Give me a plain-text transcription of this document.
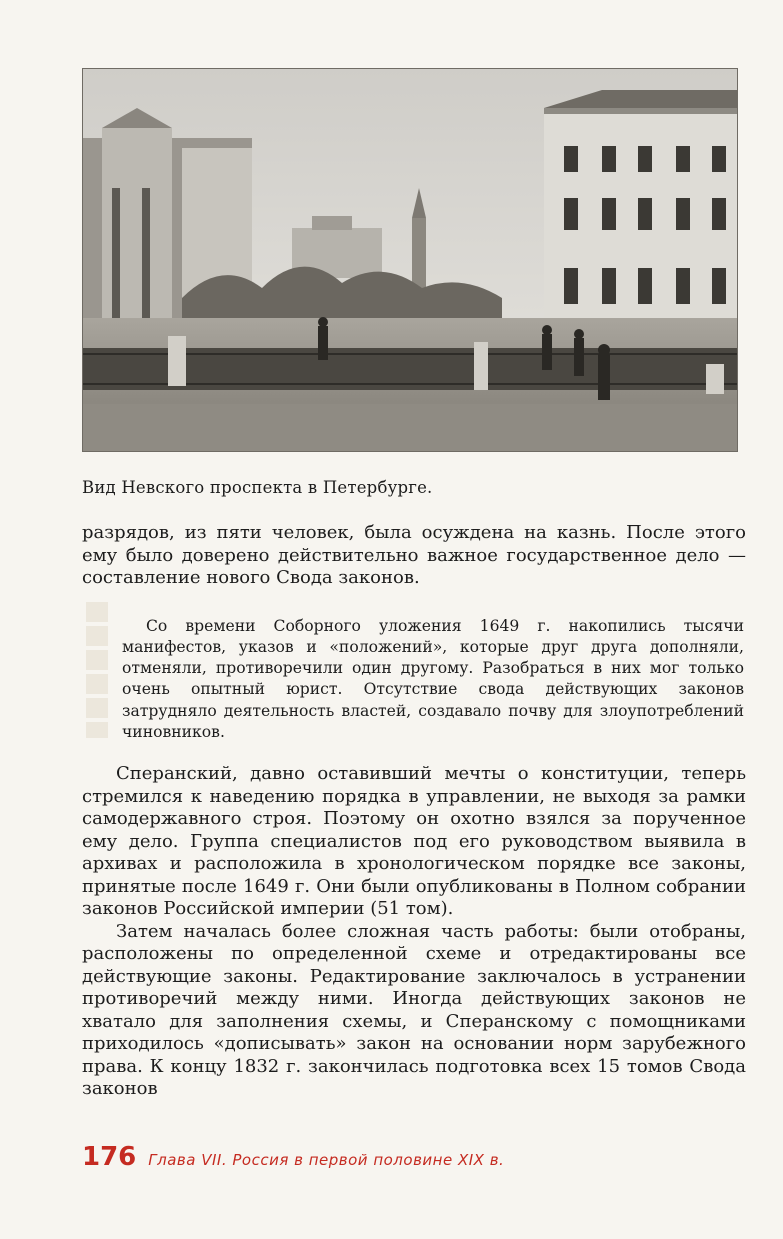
Вид Невского проспекта в Петербурге.

разрядов, из пяти человек, была осуждена на казнь. После этого ему было доверено действительно важное государственное дело — составление нового Свода законов.

Со времени Соборного уложения 1649 г. накопились тысячи манифестов, указов и «положений», которые друг друга дополняли, отменяли, противоречили один другому. Разобраться в них мог только очень опытный юрист. Отсутствие свода действующих законов затрудняло деятельность властей, создавало почву для злоупотреблений чиновников.

Сперанский, давно оставивший мечты о конституции, теперь стремился к наведению порядка в управлении, не выходя за рамки самодержавного строя. Поэтому он охотно взялся за порученное ему дело. Группа специалистов под его руководством выявила в архивах и расположила в хронологическом порядке все законы, принятые после 1649 г. Они были опубликованы в Полном собрании законов Российской империи (51 том).

Затем началась более сложная часть работы: были отобраны, расположены по определенной схеме и отредактированы все действующие законы. Редактирование заключалось в устранении противоречий между ними. Иногда действующих законов не хватало для заполнения схемы, и Сперанскому с помощниками приходилось «дописывать» закон на основании норм зарубежного права. К концу 1832 г. закончилась подготовка всех 15 томов Свода законов

176 Глава VII. Россия в первой половине XIX в.
